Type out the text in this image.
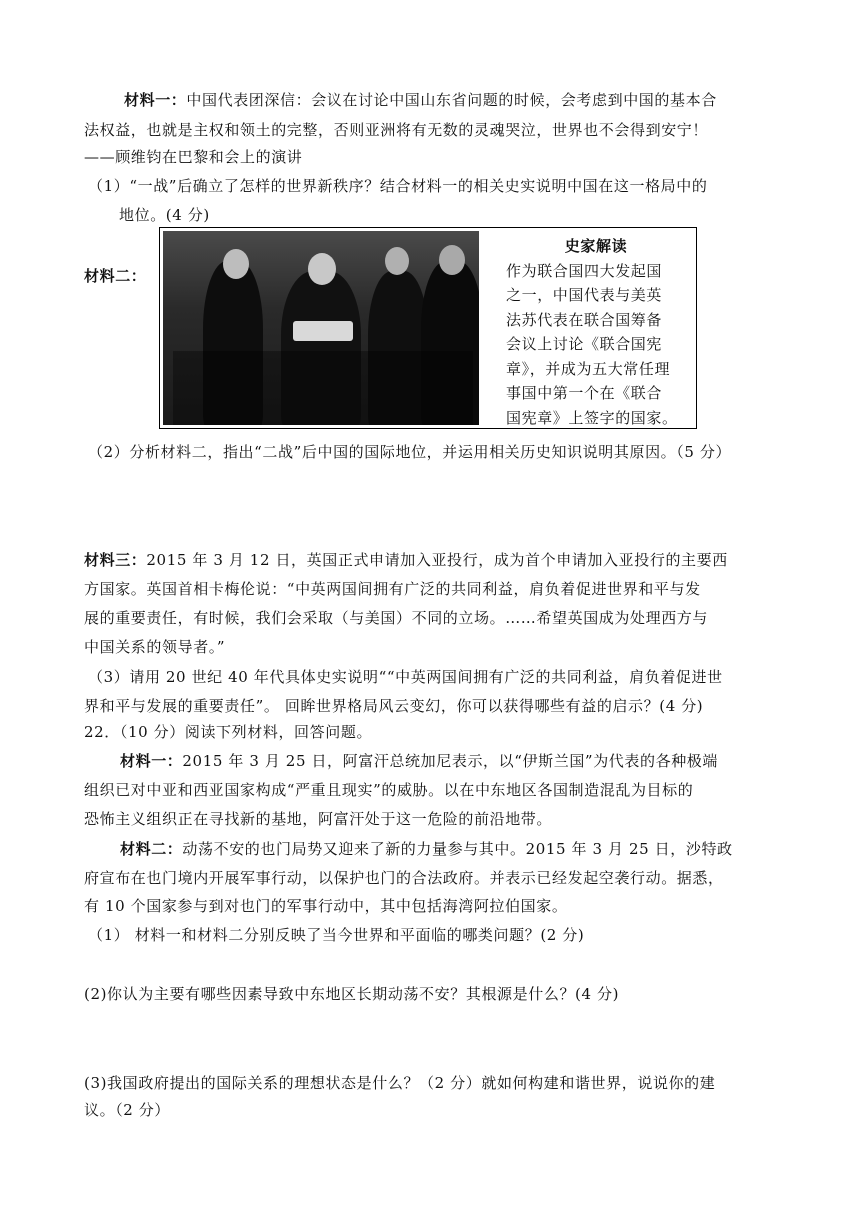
材料一：中国代表团深信：会议在讨论中国山东省问题的时候，会考虑到中国的基本合
法权益，也就是主权和领土的完整，否则亚洲将有无数的灵魂哭泣，世界也不会得到安宁！
——顾维钧在巴黎和会上的演讲
（1）“一战”后确立了怎样的世界新秩序？结合材料一的相关史实说明中国在这一格局中的
地位。(4 分)
材料二：
史家解读
作为联合国四大发起国
之一，中国代表与美英
法苏代表在联合国筹备
会议上讨论《联合国宪
章》，并成为五大常任理
事国中第一个在《联合
国宪章》上签字的国家。
（2）分析材料二，指出“二战”后中国的国际地位，并运用相关历史知识说明其原因。（5 分）
材料三：2015 年 3 月 12 日，英国正式申请加入亚投行，成为首个申请加入亚投行的主要西
方国家。英国首相卡梅伦说：“中英两国间拥有广泛的共同利益，肩负着促进世界和平与发
展的重要责任，有时候，我们会采取（与美国）不同的立场。……希望英国成为处理西方与
中国关系的领导者。”
（3）请用 20 世纪 40 年代具体史实说明““中英两国间拥有广泛的共同利益，肩负着促进世
界和平与发展的重要责任”。 回眸世界格局风云变幻，你可以获得哪些有益的启示？(4 分)
22．（10 分）阅读下列材料，回答问题。
材料一：2015 年 3 月 25 日，阿富汗总统加尼表示，以“伊斯兰国”为代表的各种极端
组织已对中亚和西亚国家构成“严重且现实”的威胁。以在中东地区各国制造混乱为目标的
恐怖主义组织正在寻找新的基地，阿富汗处于这一危险的前沿地带。
材料二：动荡不安的也门局势又迎来了新的力量参与其中。2015 年 3 月 25 日，沙特政
府宣布在也门境内开展军事行动，以保护也门的合法政府。并表示已经发起空袭行动。据悉，
有 10 个国家参与到对也门的军事行动中，其中包括海湾阿拉伯国家。
（1） 材料一和材料二分别反映了当今世界和平面临的哪类问题？(2 分)
(2)你认为主要有哪些因素导致中东地区长期动荡不安？其根源是什么？(4 分)
(3)我国政府提出的国际关系的理想状态是什么？（2 分）就如何构建和谐世界，说说你的建
议。（2 分）
